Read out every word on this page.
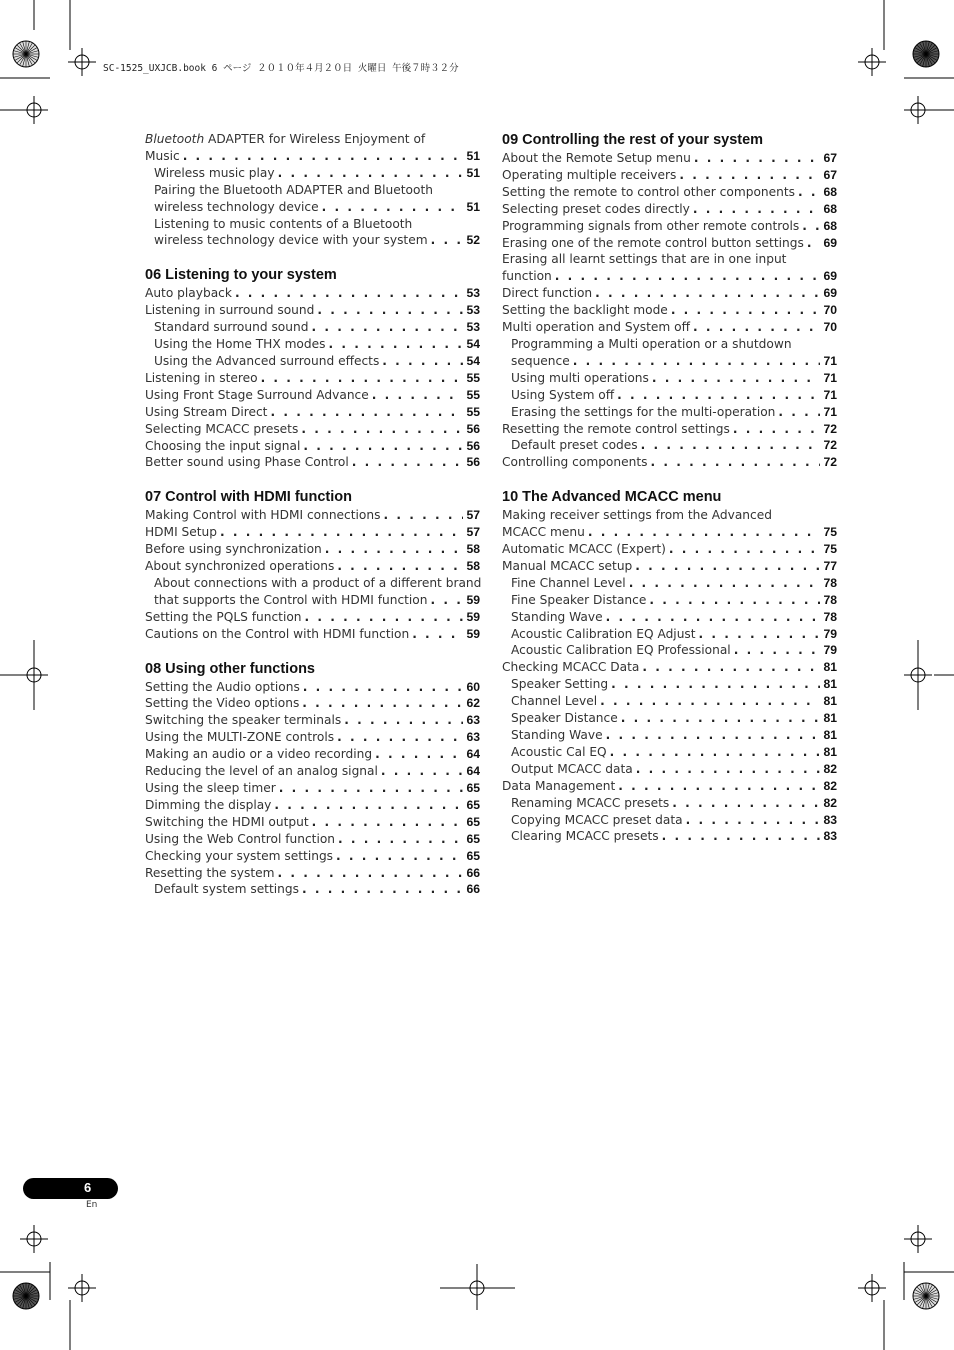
SC-1525_UXJCB.book 6 ページ ２０１０年４月２０日 火曜日 午後７時３２分
Bluetooth ADAPTER for Wireless Enjoyment of
Music . . .	51
Wireless music play . . .	51
Pairing the Bluetooth ADAPTER and Bluetooth
wireless technology device . . .	51
Listening to music contents of a Bluetooth
wireless technology device with your system . . .	52
06 Listening to your system
Auto playback . . .	53
Listening in surround sound . . .	53
Standard surround sound . . .	53
Using the Home THX modes . . .	54
Using the Advanced surround effects . . .	54
Listening in stereo . . .	55
Using Front Stage Surround Advance . . .	55
Using Stream Direct . . .	55
Selecting MCACC presets . . .	56
Choosing the input signal . . .	56
Better sound using Phase Control . . .	56
07 Control with HDMI function
Making Control with HDMI connections . . .	57
HDMI Setup . . .	57
Before using synchronization . . .	58
About synchronized operations . . .	58
About connections with a product of a different brand
that supports the Control with HDMI function . . .	59
Setting the PQLS function . . .	59
Cautions on the Control with HDMI function . . .	59
08 Using other functions
Setting the Audio options . . .	60
Setting the Video options . . .	62
Switching the speaker terminals . . .	63
Using the MULTI-ZONE controls . . .	63
Making an audio or a video recording . . .	64
Reducing the level of an analog signal . . .	64
Using the sleep timer . . .	65
Dimming the display . . .	65
Switching the HDMI output . . .	65
Using the Web Control function . . .	65
Checking your system settings . . .	65
Resetting the system . . .	66
Default system settings . . .	66
09 Controlling the rest of your system
About the Remote Setup menu . . .	67
Operating multiple receivers . . .	67
Setting the remote to control other components . . . 68
Selecting preset codes directly . . .	68
Programming signals from other remote controls . . . 68
Erasing one of the remote control button settings . . . 69
Erasing all learnt settings that are in one input
function . . .	69
Direct function . . .	69
Setting the backlight mode . . .	70
Multi operation and System off . . .	70
Programming a Multi operation or a shutdown
sequence . . .	71
Using multi operations . . .	71
Using System off . . .	71
Erasing the settings for the multi-operation . . .	71
Resetting the remote control settings . . .	72
Default preset codes . . .	72
Controlling components . . .	72
10 The Advanced MCACC menu
Making receiver settings from the Advanced
MCACC menu . . .	75
Automatic MCACC (Expert) . . .	75
Manual MCACC setup . . .	77
Fine Channel Level . . .	78
Fine Speaker Distance . . .	78
Standing Wave . . .	78
Acoustic Calibration EQ Adjust . . .	79
Acoustic Calibration EQ Professional . . .	79
Checking MCACC Data . . .	81
Speaker Setting . . .	81
Channel Level . . .	81
Speaker Distance . . .	81
Standing Wave . . .	81
Acoustic Cal EQ . . .	81
Output MCACC data . . .	82
Data Management . . .	82
Renaming MCACC presets . . .	82
Copying MCACC preset data . . .	83
Clearing MCACC presets . . .	83
6
En
